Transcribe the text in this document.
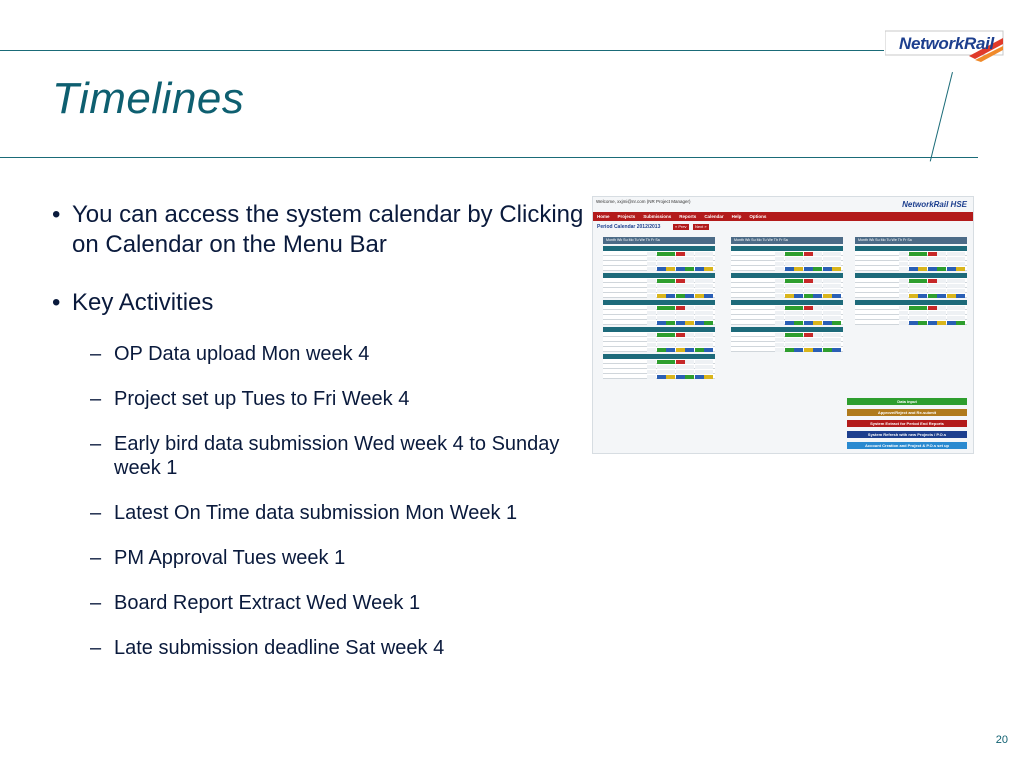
Timelines
NetworkRail
• You can access the system calendar by Clicking on Calendar on the Menu Bar
• Key Activities
– OP Data upload Mon week 4
– Project set up Tues to Fri Week 4
– Early bird data submission Wed week 4 to Sunday week 1
– Latest On Time data submission Mon Week 1
– PM Approval Tues week 1
– Board Report Extract Wed Week 1
– Late submission deadline Sat week 4
Welcome, xxjmi@nr.com (NR Project Manager)	NetworkRail HSE
Home Projects Submissions Reports Calendar Help Options
Period Calendar 2012/2013	« Prev	Next »
Month Wk Su Mo Tu We Th Fr Sa	Month Wk Su Mo Tu We Th Fr Sa	Month Wk Su Mo Tu We Th Fr Sa
Data input
Approve/Reject and Re-submit
System Extract for Period End Reports
System Refresh with new Projects / P.O.s
Account Creation and Project & P.O.s set up
20
